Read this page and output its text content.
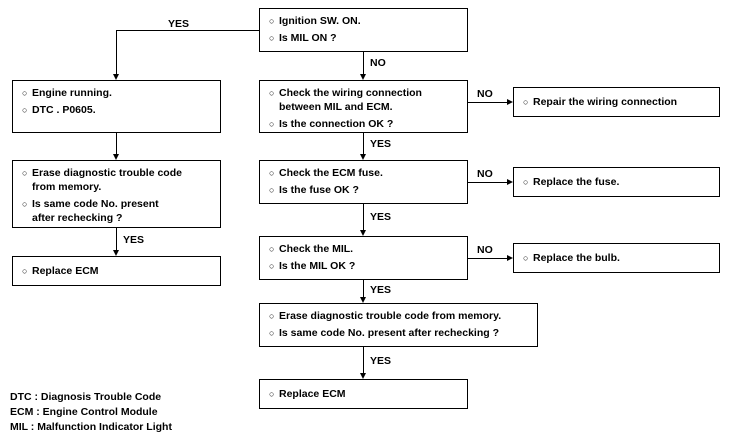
○ Ignition SW. ON.
○ Is MIL ON ?
○ Engine running.
○ DTC . P0605.
○ Check the wiring connection
between MIL and ECM.
○ Is the connection OK ?
○ Repair the wiring connection
○ Erase diagnostic trouble code
from memory.
○ Is same code No. present
after rechecking ?
○ Check the ECM fuse.
○ Is the fuse OK ?
○ Replace the fuse.
○ Replace ECM
○ Check the MIL.
○ Is the MIL OK ?
○ Replace the bulb.
○ Erase diagnostic trouble code from memory.
○ Is same code No. present after rechecking ?
○ Replace ECM
YES
NO
NO
YES
NO
YES
NO
YES
YES
YES
DTC : Diagnosis Trouble Code
ECM : Engine Control Module
MIL : Malfunction Indicator Light
